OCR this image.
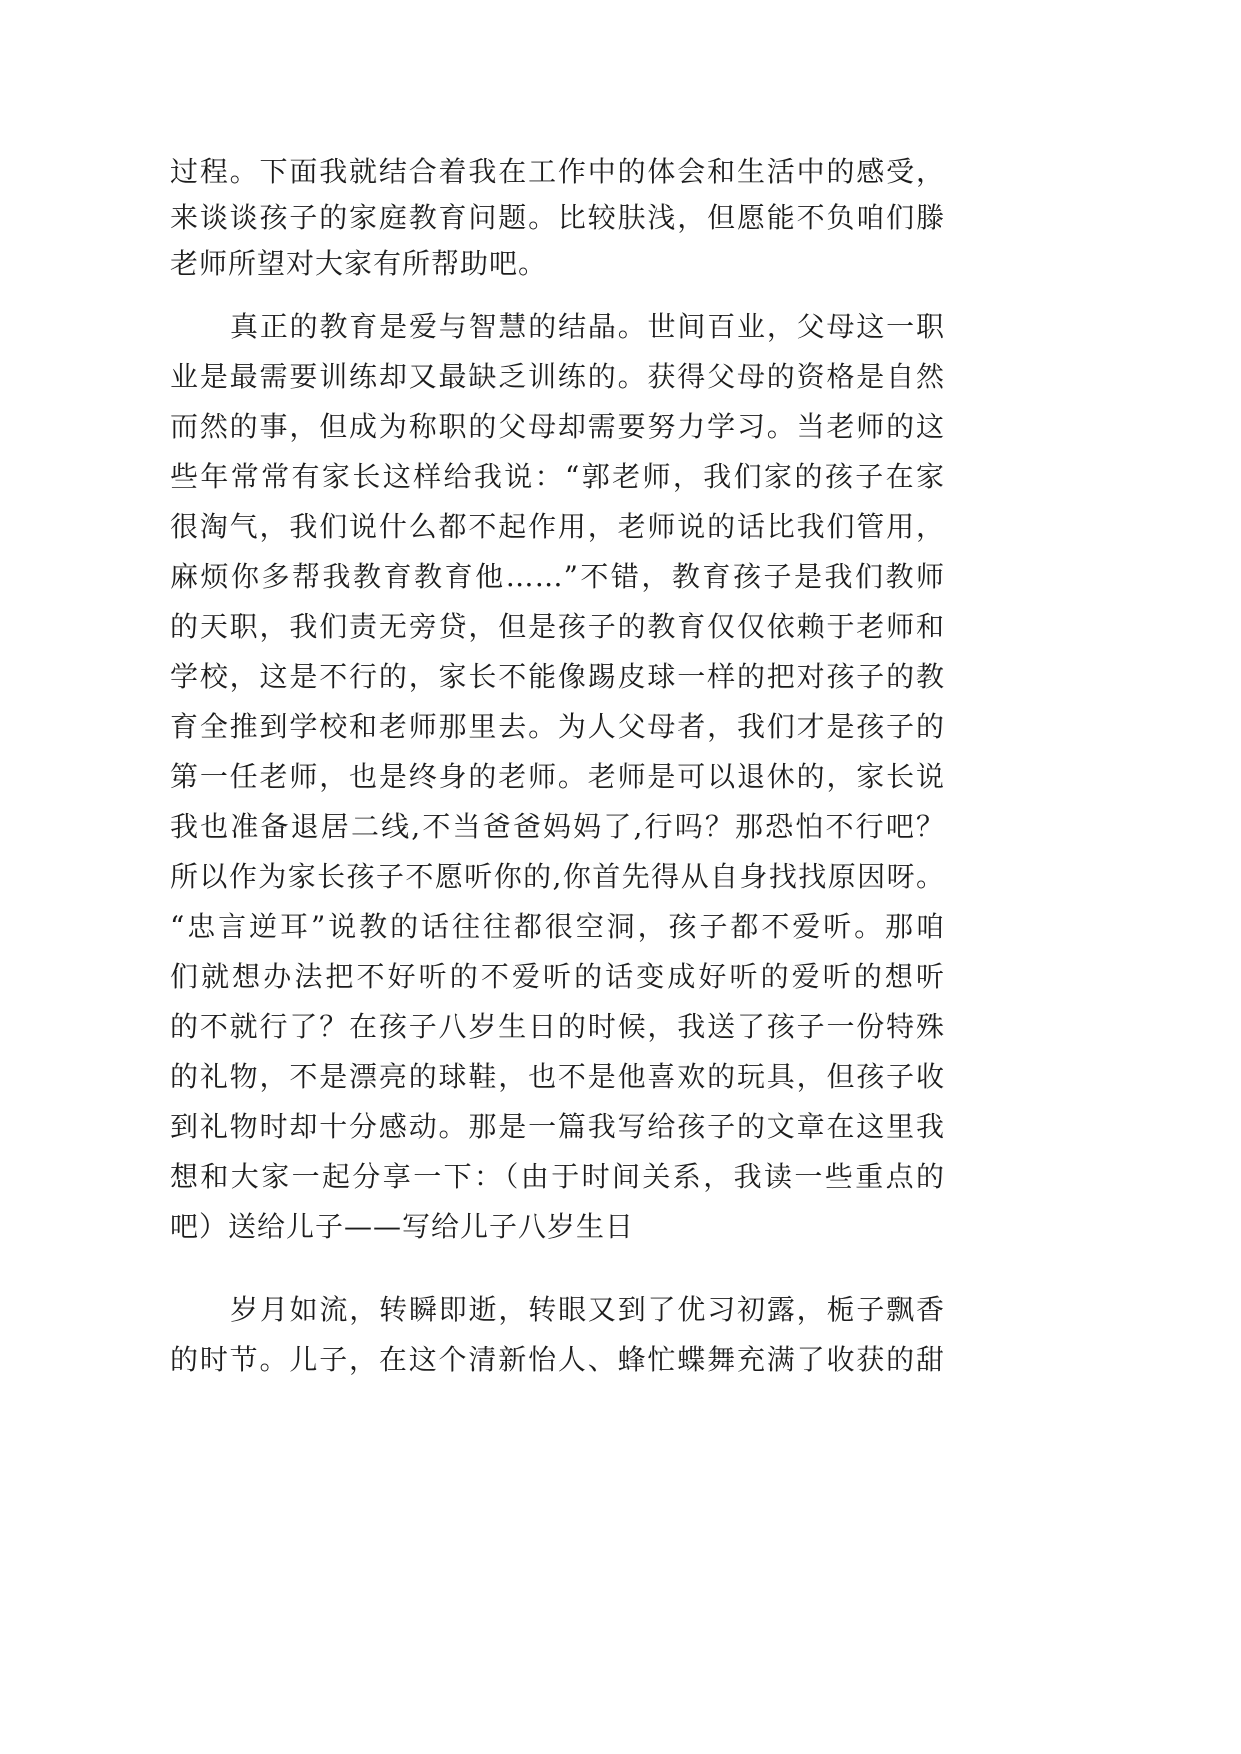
过程。下面我就结合着我在工作中的体会和生活中的感受，
来谈谈孩子的家庭教育问题。比较肤浅，但愿能不负咱们滕
老师所望对大家有所帮助吧。
真正的教育是爱与智慧的结晶。世间百业，父母这一职
业是最需要训练却又最缺乏训练的。获得父母的资格是自然
而然的事，但成为称职的父母却需要努力学习。当老师的这
些年常常有家长这样给我说：“郭老师，我们家的孩子在家
很淘气，我们说什么都不起作用，老师说的话比我们管用，
麻烦你多帮我教育教育他……”不错，教育孩子是我们教师
的天职，我们责无旁贷，但是孩子的教育仅仅依赖于老师和
学校，这是不行的，家长不能像踢皮球一样的把对孩子的教
育全推到学校和老师那里去。为人父母者，我们才是孩子的
第一任老师，也是终身的老师。老师是可以退休的，家长说
我也准备退居二线,不当爸爸妈妈了,行吗？那恐怕不行吧？
所以作为家长孩子不愿听你的,你首先得从自身找找原因呀。
“忠言逆耳”说教的话往往都很空洞，孩子都不爱听。那咱
们就想办法把不好听的不爱听的话变成好听的爱听的想听
的不就行了？在孩子八岁生日的时候，我送了孩子一份特殊
的礼物，不是漂亮的球鞋，也不是他喜欢的玩具，但孩子收
到礼物时却十分感动。那是一篇我写给孩子的文章在这里我
想和大家一起分享一下：（由于时间关系，我读一些重点的
吧）送给儿子——写给儿子八岁生日
岁月如流，转瞬即逝，转眼又到了优习初露，栀子飘香
的时节。儿子，在这个清新怡人、蜂忙蝶舞充满了收获的甜
